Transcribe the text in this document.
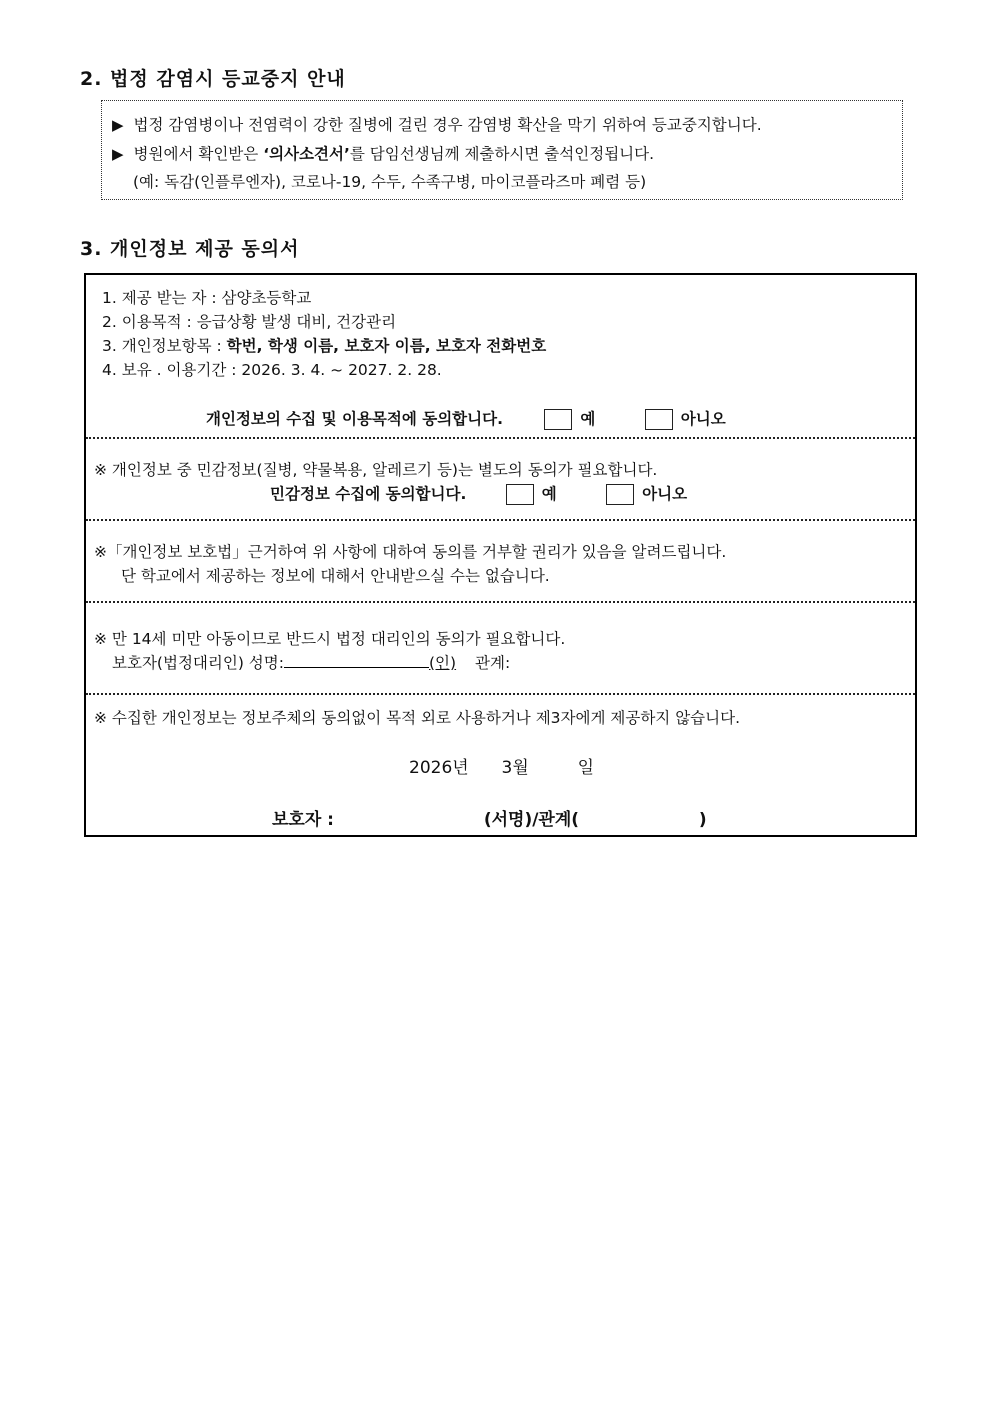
2. 법정 감염시 등교중지 안내
▶ 법정 감염병이나 전염력이 강한 질병에 걸린 경우 감염병 확산을 막기 위하여 등교중지합니다.
▶ 병원에서 확인받은 ‘의사소견서’를 담임선생님께 제출하시면 출석인정됩니다.
(예: 독감(인플루엔자), 코로나-19, 수두, 수족구병, 마이코플라즈마 폐렴 등)
3. 개인정보 제공 동의서
1. 제공 받는 자 : 삼양초등학교
2. 이용목적 : 응급상황 발생 대비, 건강관리
3. 개인정보항목 : 학번, 학생 이름, 보호자 이름, 보호자 전화번호
4. 보유 . 이용기간 : 2026. 3. 4. ~ 2027. 2. 28.
개인정보의 수집 및 이용목적에 동의합니다.	예	아니오
※ 개인정보 중 민감정보(질병, 약물복용, 알레르기 등)는 별도의 동의가 필요합니다.
민감정보 수집에 동의합니다.	예	아니오
※「개인정보 보호법」근거하여 위 사항에 대하여 동의를 거부할 권리가 있음을 알려드립니다.
단 학교에서 제공하는 정보에 대해서 안내받으실 수는 없습니다.
※ 만 14세 미만 아동이므로 반드시 법정 대리인의 동의가 필요합니다.
보호자(법정대리인) 성명:	(인) 관계:
※ 수집한 개인정보는 정보주체의 동의없이 목적 외로 사용하거나 제3자에게 제공하지 않습니다.
2026년 3월	일
보호자 :	(서명)/관계(	)
